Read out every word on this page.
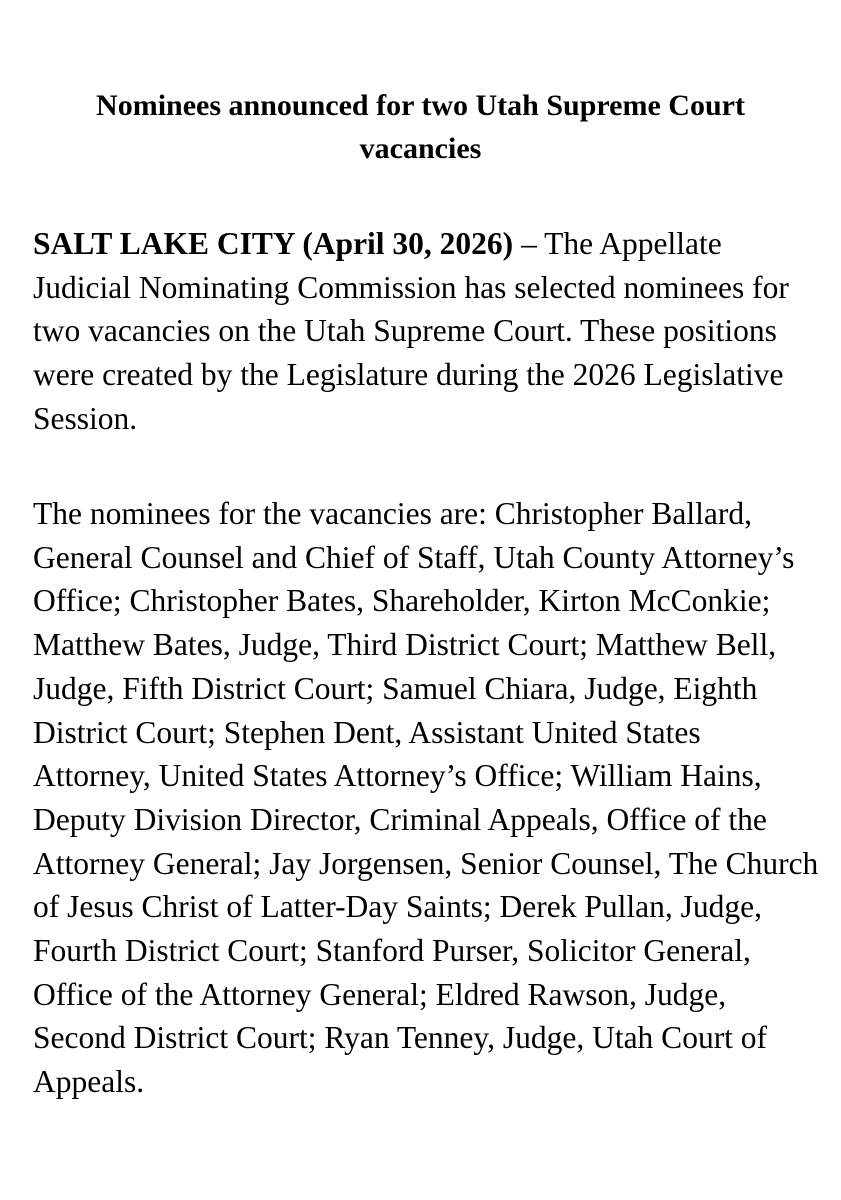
Nominees announced for two Utah Supreme Court vacancies

SALT LAKE CITY (April 30, 2026) – The Appellate Judicial Nominating Commission has selected nominees for two vacancies on the Utah Supreme Court. These positions were created by the Legislature during the 2026 Legislative Session.

The nominees for the vacancies are: Christopher Ballard, General Counsel and Chief of Staff, Utah County Attorney’s Office; Christopher Bates, Shareholder, Kirton McConkie; Matthew Bates, Judge, Third District Court; Matthew Bell, Judge, Fifth District Court; Samuel Chiara, Judge, Eighth District Court; Stephen Dent, Assistant United States Attorney, United States Attorney’s Office; William Hains, Deputy Division Director, Criminal Appeals, Office of the Attorney General; Jay Jorgensen, Senior Counsel, The Church of Jesus Christ of Latter-Day Saints; Derek Pullan, Judge, Fourth District Court; Stanford Purser, Solicitor General, Office of the Attorney General; Eldred Rawson, Judge, Second District Court; Ryan Tenney, Judge, Utah Court of Appeals.
